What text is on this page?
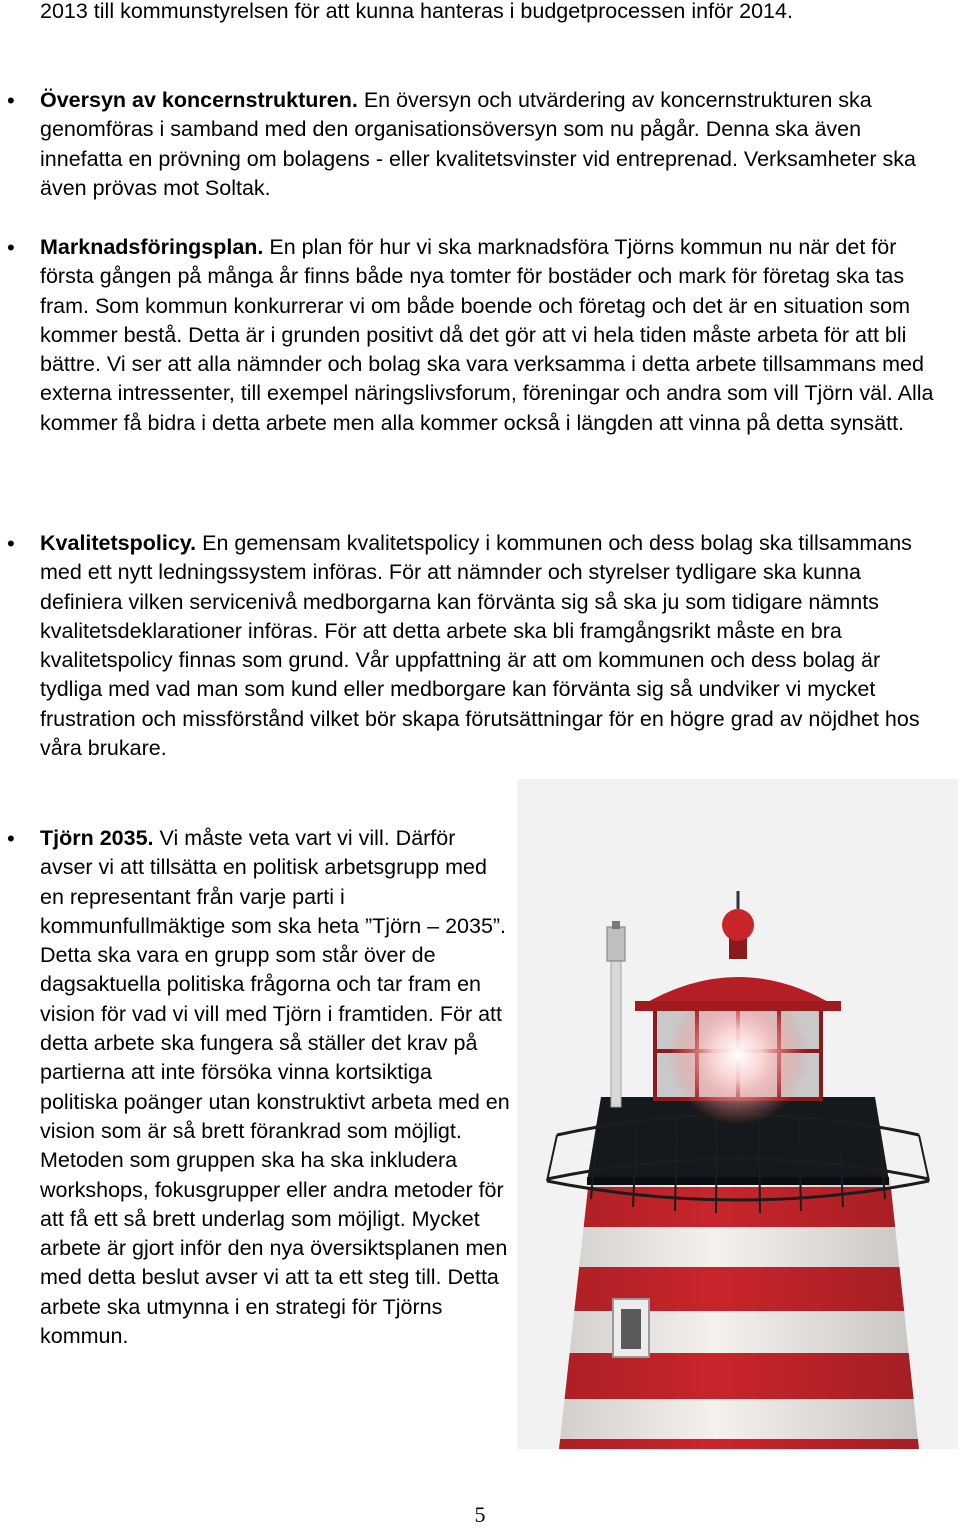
2013 till kommunstyrelsen för att kunna hanteras i budgetprocessen inför 2014.

• Översyn av koncernstrukturen. En översyn och utvärdering av koncernstrukturen ska genomföras i samband med den organisationsöversyn som nu pågår. Denna ska även innefatta en prövning om bolagens - eller kvalitetsvinster vid entreprenad. Verksamheter ska även prövas mot Soltak.

• Marknadsföringsplan. En plan för hur vi ska marknadsföra Tjörns kommun nu när det för första gången på många år finns både nya tomter för bostäder och mark för företag ska tas fram. Som kommun konkurrerar vi om både boende och företag och det är en situation som kommer bestå. Detta är i grunden positivt då det gör att vi hela tiden måste arbeta för att bli bättre. Vi ser att alla nämnder och bolag ska vara verksamma i detta arbete tillsammans med externa intressenter, till exempel näringslivsforum, föreningar och andra som vill Tjörn väl. Alla kommer få bidra i detta arbete men alla kommer också i längden att vinna på detta synsätt.

• Kvalitetspolicy. En gemensam kvalitetspolicy i kommunen och dess bolag ska tillsammans med ett nytt ledningssystem införas. För att nämnder och styrelser tydligare ska kunna definiera vilken servicenivå medborgarna kan förvänta sig så ska ju som tidigare nämnts kvalitetsdeklarationer införas. För att detta arbete ska bli framgångsrikt måste en bra kvalitetspolicy finnas som grund. Vår uppfattning är att om kommunen och dess bolag är tydliga med vad man som kund eller medborgare kan förvänta sig så undviker vi mycket frustration och missförstånd vilket bör skapa förutsättningar för en högre grad av nöjdhet hos våra brukare.

• Tjörn 2035. Vi måste veta vart vi vill. Därför avser vi att tillsätta en politisk arbetsgrupp med en representant från varje parti i kommunfullmäktige som ska heta ”Tjörn – 2035”. Detta ska vara en grupp som står över de dagsaktuella politiska frågorna och tar fram en vision för vad vi vill med Tjörn i framtiden. För att detta arbete ska fungera så ställer det krav på partierna att inte försöka vinna kortsiktiga politiska poänger utan konstruktivt arbeta med en vision som är så brett förankrad som möjligt. Metoden som gruppen ska ha ska inkludera workshops, fokusgrupper eller andra metoder för att få ett så brett underlag som möjligt. Mycket arbete är gjort inför den nya översiktsplanen men med detta beslut avser vi att ta ett steg till. Detta arbete ska utmynna i en strategi för Tjörns kommun.

5
